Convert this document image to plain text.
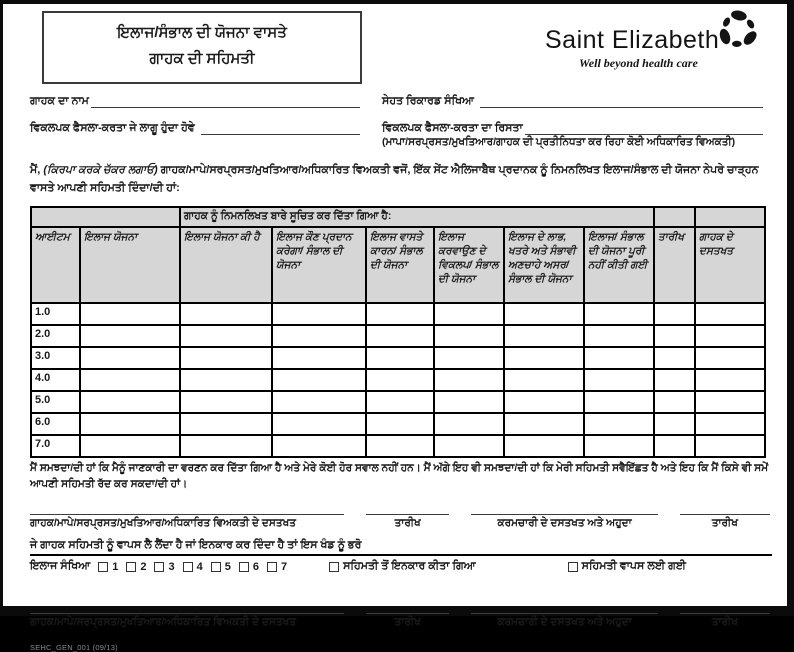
ਇਲਾਜ/ਸੰਭਾਲ ਦੀ ਯੋਜਨਾ ਵਾਸਤੇ
ਗਾਹਕ ਦੀ ਸਹਿਮਤੀ
Saint Elizabeth
Well beyond health care
ਗਾਹਕ ਦਾ ਨਾਮ	ਸੇਹਤ ਰਿਕਾਰਡ ਸੰਖਿਆ
ਵਿਕਲਪਕ ਫੈਸਲਾ-ਕਰਤਾ ਜੇ ਲਾਗੂ ਹੁੰਦਾ ਹੋਵੇ	ਵਿਕਲਪਕ ਫੈਸਲਾ-ਕਰਤਾ ਦਾ ਰਿਸਤਾ
(ਮਾਪਾ/ਸਰਪ੍ਰਸਤ/ਮੁਖਤਿਆਰ/ਗਾਹਕ ਦੀ ਪ੍ਰਤੀਨਿਧਤਾ ਕਰ ਰਿਹਾ ਕੋਈ ਅਧਿਕਾਰਿਤ ਵਿਅਕਤੀ)
ਮੈਂ, (ਕਿਰਪਾ ਕਰਕੇ ਚੱਕਰ ਲਗਾਓ) ਗਾਹਕ/ਮਾਪੇ/ਸਰਪ੍ਰਸਤ/ਮੁਖਤਿਆਰ/ਅਧਿਕਾਰਿਤ ਵਿਅਕਤੀ ਵਜੋਂ, ਇੱਕ ਸੇਂਟ ਐਲਿਜਾਬੈਥ ਪ੍ਰਦਾਨਕ ਨੂੰ ਨਿਮਨਲਿਖਤ ਇਲਾਜ/ਸੰਭਾਲ ਦੀ ਯੋਜਨਾ ਨੇਪਰੇ ਚਾੜ੍ਹਨ ਵਾਸਤੇ ਆਪਣੀ ਸਹਿਮਤੀ ਦਿੰਦਾ/ਦੀ ਹਾਂ:
		ਗਾਹਕ ਨੂੰ ਨਿਮਨਲਿਖਤ ਬਾਰੇ ਸੂਚਿਤ ਕਰ ਦਿੱਤਾ ਗਿਆ ਹੈ:							
ਆਈਟਮ	ਇਲਾਜ ਯੋਜਨਾ	ਇਲਾਜ ਯੋਜਨਾ ਕੀ ਹੈ	ਇਲਾਜ ਕੌਣ ਪ੍ਰਦਾਨ ਕਰੇਗਾ/ ਸੰਭਾਲ ਦੀ ਯੋਜਨਾ	ਇਲਾਜ ਵਾਸਤੇ ਕਾਰਨ/ ਸੰਭਾਲ ਦੀ ਯੋਜਨਾ	ਇਲਾਜ ਕਰਵਾਉਣ ਦੇ ਵਿਕਲਪ/ ਸੰਭਾਲ ਦੀ ਯੋਜਨਾ	ਇਲਾਜ ਦੇ ਲਾਭ, ਖਤਰੇ ਅਤੇ ਸੰਭਾਵੀ ਅਣਚਾਹੇ ਅਸਰ/ ਸੰਭਾਲ ਦੀ ਯੋਜਨਾ	ਇਲਾਜ/ ਸੰਭਾਲ ਦੀ ਯੋਜਨਾ ਪੂਰੀ ਨਹੀਂ ਕੀਤੀ ਗਈ	ਤਾਰੀਖ	ਗਾਹਕ ਦੇ ਦਸਤਖਤ
1.0									
2.0									
3.0									
4.0									
5.0									
6.0									
7.0									
ਮੈਂ ਸਮਝਦਾ/ਦੀ ਹਾਂ ਕਿ ਮੈਨੂੰ ਜਾਣਕਾਰੀ ਦਾ ਵਰਣਨ ਕਰ ਦਿੱਤਾ ਗਿਆ ਹੈ ਅਤੇ ਮੇਰੇ ਕੋਈ ਹੋਰ ਸਵਾਲ ਨਹੀਂ ਹਨ। ਮੈਂ ਅੱਗੇ ਇਹ ਵੀ ਸਮਝਦਾ/ਦੀ ਹਾਂ ਕਿ ਮੇਰੀ ਸਹਿਮਤੀ ਸਵੈਇੱਛਤ ਹੈ ਅਤੇ ਇਹ ਕਿ ਮੈਂ ਕਿਸੇ ਵੀ ਸਮੇਂ ਆਪਣੀ ਸਹਿਮਤੀ ਰੱਦ ਕਰ ਸਕਦਾ/ਦੀ ਹਾਂ।
ਗਾਹਕ/ਮਾਪੇ/ਸਰਪ੍ਰਸਤ/ਮੁਖਤਿਆਰ/ਅਧਿਕਾਰਿਤ ਵਿਅਕਤੀ ਦੇ ਦਸਤਖਤ	ਤਾਰੀਖ	ਕਰਮਚਾਰੀ ਦੇ ਦਸਤਖਤ ਅਤੇ ਅਹੁਦਾ	ਤਾਰੀਖ
ਜੇ ਗਾਹਕ ਸਹਿਮਤੀ ਨੂੰ ਵਾਪਸ ਲੈ ਲੈਂਦਾ ਹੈ ਜਾਂ ਇਨਕਾਰ ਕਰ ਦਿੰਦਾ ਹੈ ਤਾਂ ਇਸ ਖੰਡ ਨੂੰ ਭਰੋ
ਇਲਾਜ ਸੰਖਿਆ 1 2 3 4 5 6 7	ਸਹਿਮਤੀ ਤੋਂ ਇਨਕਾਰ ਕੀਤਾ ਗਿਆ	ਸਹਿਮਤੀ ਵਾਪਸ ਲਈ ਗਈ
ਗਾਹਕ/ਮਾਪੇ/ਸਰਪ੍ਰਸਤ/ਮੁਖਤਿਆਰ/ਅਧਿਕਾਰਿਤ ਵਿਅਕਤੀ ਦੇ ਦਸਤਖਤ	ਤਾਰੀਖ	ਕਰਮਚਾਰੀ ਦੇ ਦਸਤਖਤ ਅਤੇ ਅਹੁਦਾ	ਤਾਰੀਖ
SEHC_GEN_001 (09/13)
